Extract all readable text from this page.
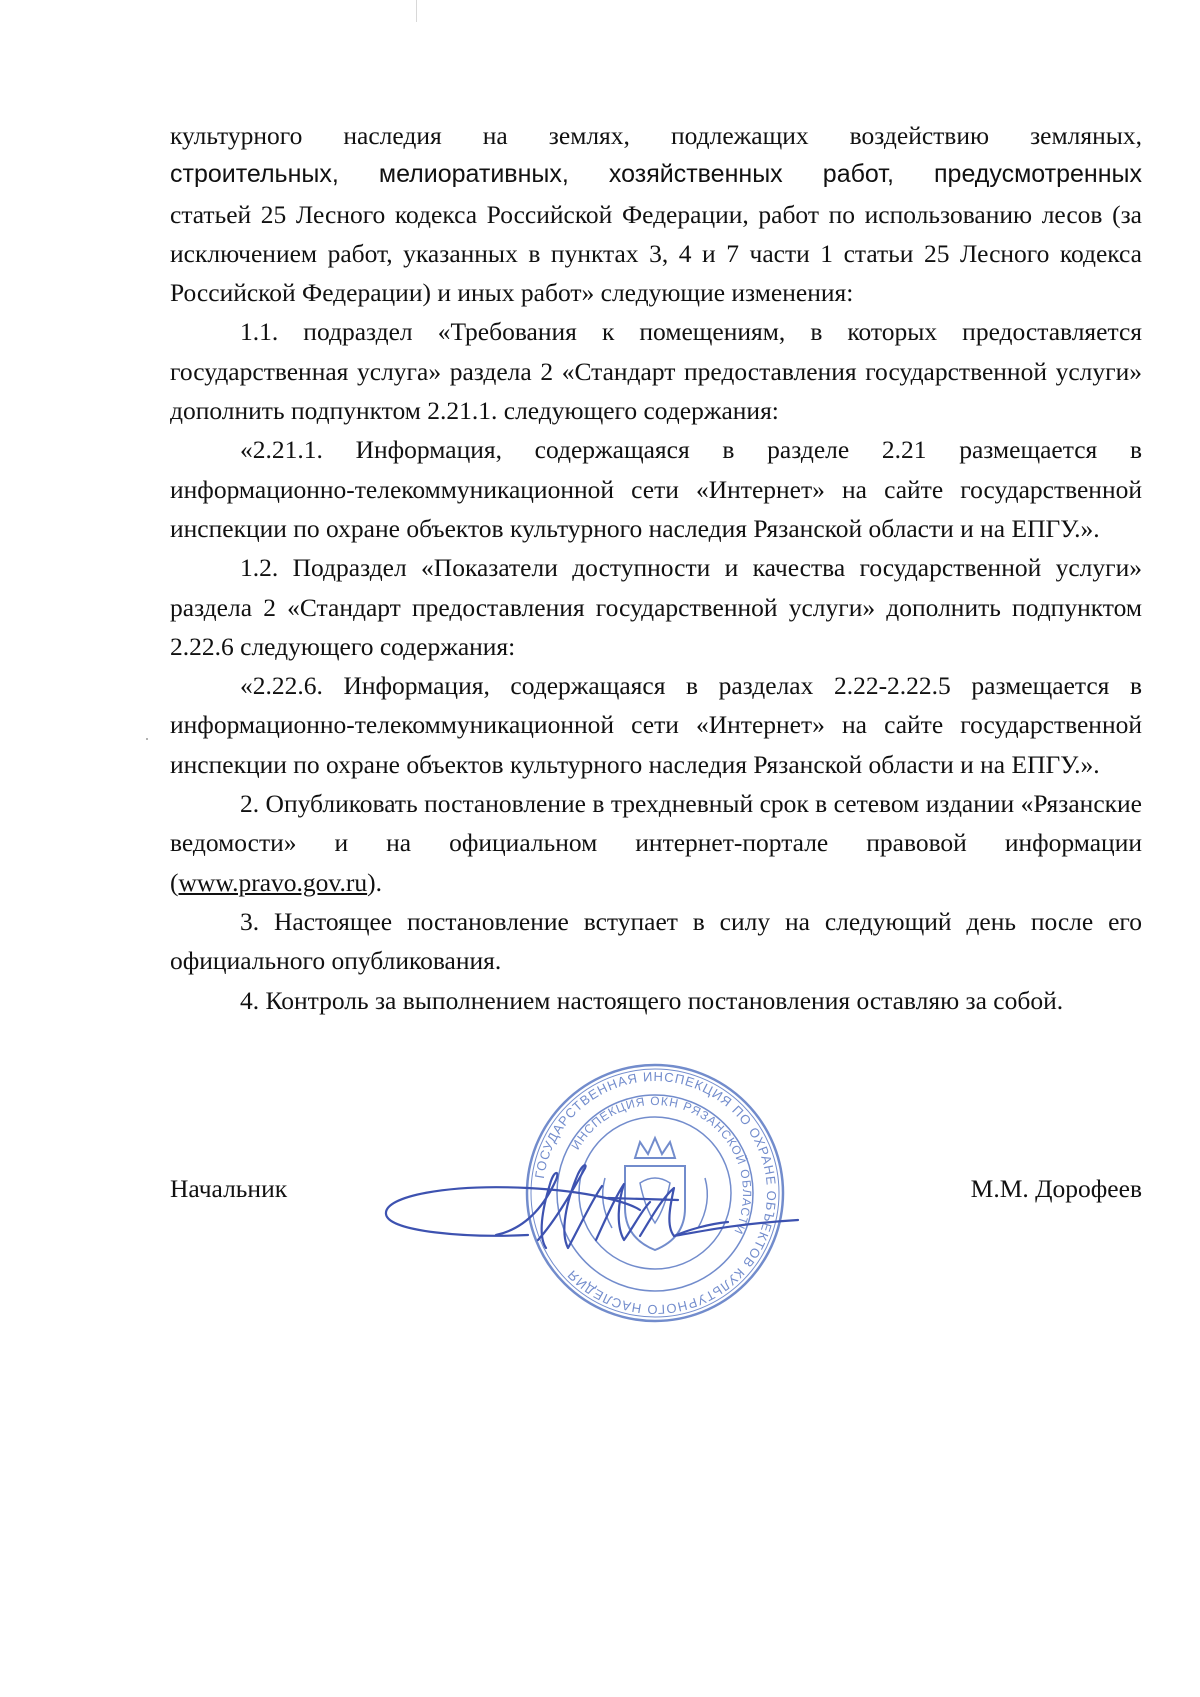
культурного наследия на землях, подлежащих воздействию земляных,

строительных, мелиоративных, хозяйственных работ, предусмотренных

статьей 25 Лесного кодекса Российской Федерации, работ по использованию лесов (за исключением работ, указанных в пунктах 3, 4 и 7 части 1 статьи 25 Лесного кодекса Российской Федерации) и иных работ» следующие изменения:

1.1. подраздел «Требования к помещениям, в которых предоставляется государственная услуга» раздела 2 «Стандарт предоставления государственной услуги» дополнить подпунктом 2.21.1. следующего содержания:

«2.21.1. Информация, содержащаяся в разделе 2.21 размещается в информационно-телекоммуникационной сети «Интернет» на сайте государственной инспекции по охране объектов культурного наследия Рязанской области и на ЕПГУ.».

1.2. Подраздел «Показатели доступности и качества государственной услуги» раздела 2 «Стандарт предоставления государственной услуги» дополнить подпунктом 2.22.6 следующего содержания:

«2.22.6. Информация, содержащаяся в разделах 2.22-2.22.5 размещается в информационно-телекоммуникационной сети «Интернет» на сайте государственной инспекции по охране объектов культурного наследия Рязанской области и на ЕПГУ.».

2. Опубликовать постановление в трехдневный срок в сетевом издании «Рязанские ведомости» и на официальном интернет-портале правовой информации (www.pravo.gov.ru).

3. Настоящее постановление вступает в силу на следующий день после его официального опубликования.

4. Контроль за выполнением настоящего постановления оставляю за собой.

Начальник	М.М. Дорофеев
ГОСУДАРСТВЕННАЯ ИНСПЕКЦИЯ ПО ОХРАНЕ ОБЪЕКТОВ КУЛЬТУРНОГО НАСЛЕДИЯ
ИНСПЕКЦИЯ ОКН РЯЗАНСКОЙ ОБЛАСТИ
